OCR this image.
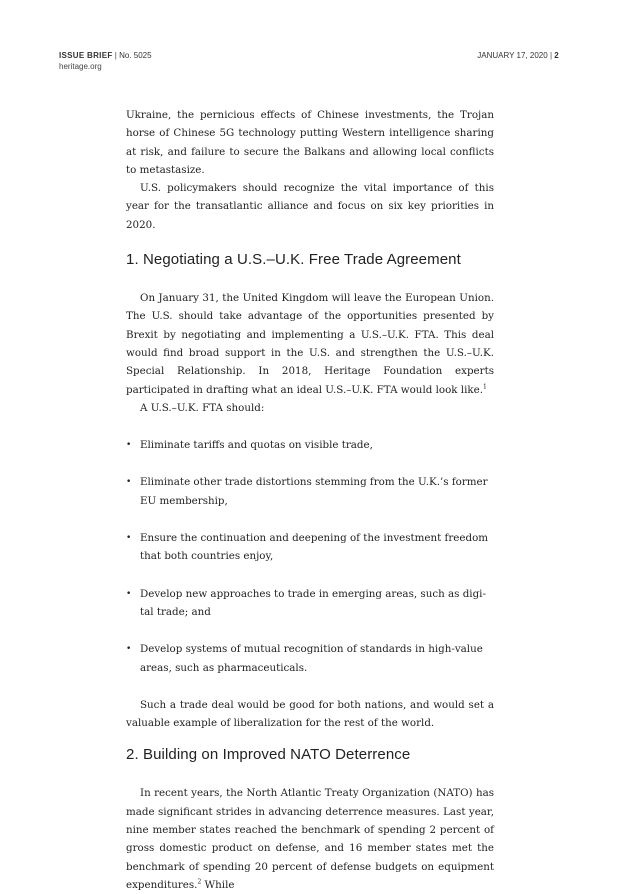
ISSUE BRIEF | No. 5025
heritage.org
JANUARY 17, 2020 | 2

Ukraine, the pernicious effects of Chinese investments, the Trojan horse of Chinese 5G technology putting Western intelligence sharing at risk, and failure to secure the Balkans and allowing local conflicts to metastasize.

U.S. policymakers should recognize the vital importance of this year for the transatlantic alliance and focus on six key priorities in 2020.

1. Negotiating a U.S.–U.K. Free Trade Agreement

On January 31, the United Kingdom will leave the European Union. The U.S. should take advantage of the opportunities presented by Brexit by negotiating and implementing a U.S.–U.K. FTA. This deal would find broad support in the U.S. and strengthen the U.S.–U.K. Special Relationship. In 2018, Heritage Foundation experts participated in drafting what an ideal U.S.–U.K. FTA would look like.$^1$

A U.S.–U.K. FTA should:

• Eliminate tariffs and quotas on visible trade,
• Eliminate other trade distortions stemming from the U.K.’s former EU membership,
• Ensure the continuation and deepening of the investment freedom that both countries enjoy,
• Develop new approaches to trade in emerging areas, such as digital trade; and
• Develop systems of mutual recognition of standards in high-value areas, such as pharmaceuticals.

Such a trade deal would be good for both nations, and would set a valuable example of liberalization for the rest of the world.

2. Building on Improved NATO Deterrence

In recent years, the North Atlantic Treaty Organization (NATO) has made significant strides in advancing deterrence measures. Last year, nine member states reached the benchmark of spending 2 percent of gross domestic product on defense, and 16 member states met the benchmark of spending 20 percent of defense budgets on equipment expenditures.$^2$ While
